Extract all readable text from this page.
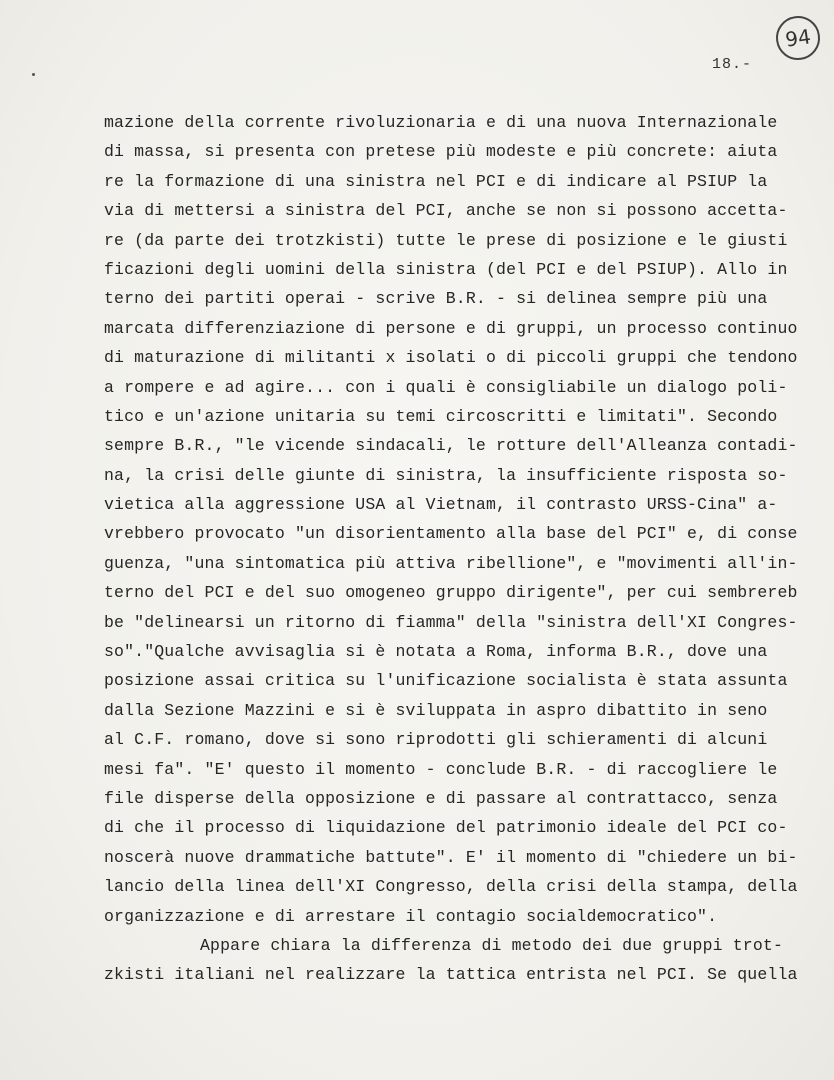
94
18.-
mazione della corrente rivoluzionaria e di una nuova Internazionale
di massa, si presenta con pretese più modeste e più concrete: aiuta
re la formazione di una sinistra nel PCI e di indicare al PSIUP la
via di mettersi a sinistra del PCI, anche se non si possono accetta-
re (da parte dei trotzkisti) tutte le prese di posizione e le giusti
ficazioni degli uomini della sinistra (del PCI e del PSIUP). Allo in
terno dei partiti operai - scrive B.R. - si delinea sempre più una
marcata differenziazione di persone e di gruppi, un processo continuo
di maturazione di militanti x isolati o di piccoli gruppi che tendono
a rompere e ad agire... con i quali è consigliabile un dialogo poli-
tico e un'azione unitaria su temi circoscritti e limitati". Secondo
sempre B.R., "le vicende sindacali, le rotture dell'Alleanza contadi-
na, la crisi delle giunte di sinistra, la insufficiente risposta so-
vietica alla aggressione USA al Vietnam, il contrasto URSS-Cina" a-
vrebbero provocato "un disorientamento alla base del PCI" e, di conse
guenza, "una sintomatica più attiva ribellione", e "movimenti all'in-
terno del PCI e del suo omogeneo gruppo dirigente", per cui sembrereb
be "delinearsi un ritorno di fiamma" della "sinistra dell'XI Congres-
so"."Qualche avvisaglia si è notata a Roma, informa B.R., dove una
posizione assai critica su l'unificazione socialista è stata assunta
dalla Sezione Mazzini e si è sviluppata in aspro dibattito in seno
al C.F. romano, dove si sono riprodotti gli schieramenti di alcuni
mesi fa". "E' questo il momento - conclude B.R. - di raccogliere le
file disperse della opposizione e di passare al contrattacco, senza
di che il processo di liquidazione del patrimonio ideale del PCI co-
noscerà nuove drammatiche battute". E' il momento di "chiedere un bi-
lancio della linea dell'XI Congresso, della crisi della stampa, della
organizzazione e di arrestare il contagio socialdemocratico".
Appare chiara la differenza di metodo dei due gruppi trot-
zkisti italiani nel realizzare la tattica entrista nel PCI. Se quella
